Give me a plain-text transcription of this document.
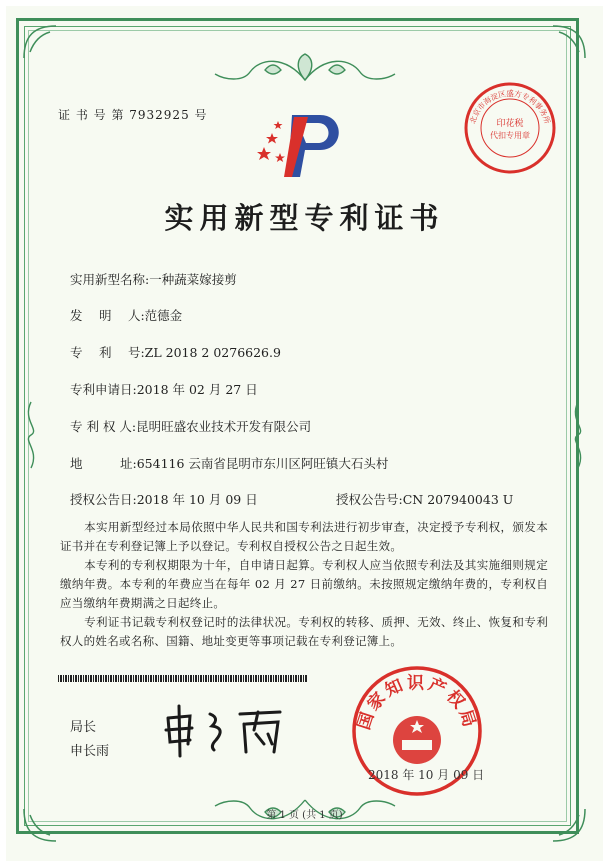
证 书 号 第 7932925 号	北京市海淀区盛方专利事务所
印花税
代扣专用章
实用新型专利证书
实用新型名称:一种蔬菜嫁接剪
发　 明　 人:范德金
专　 利　 号:ZL 2018 2 0276626.9
专利申请日:2018 年 02 月 27 日
专 利 权 人:昆明旺盛农业技术开发有限公司
地　　　址:654116 云南省昆明市东川区阿旺镇大石头村
授权公告日:2018 年 10 月 09 日	授权公告号:CN 207940043 U
本实用新型经过本局依照中华人民共和国专利法进行初步审查，决定授予专利权，颁发本证书并在专利登记簿上予以登记。专利权自授权公告之日起生效。
本专利的专利权期限为十年，自申请日起算。专利权人应当依照专利法及其实施细则规定缴纳年费。本专利的年费应当在每年 02 月 27 日前缴纳。未按照规定缴纳年费的，专利权自应当缴纳年费期满之日起终止。
专利证书记载专利权登记时的法律状况。专利权的转移、质押、无效、终止、恢复和专利权人的姓名或名称、国籍、地址变更等事项记载在专利登记簿上。
局长
申长雨
国家知识产权局
2018 年 10 月 09 日
第 1 页 (共 1 页)
